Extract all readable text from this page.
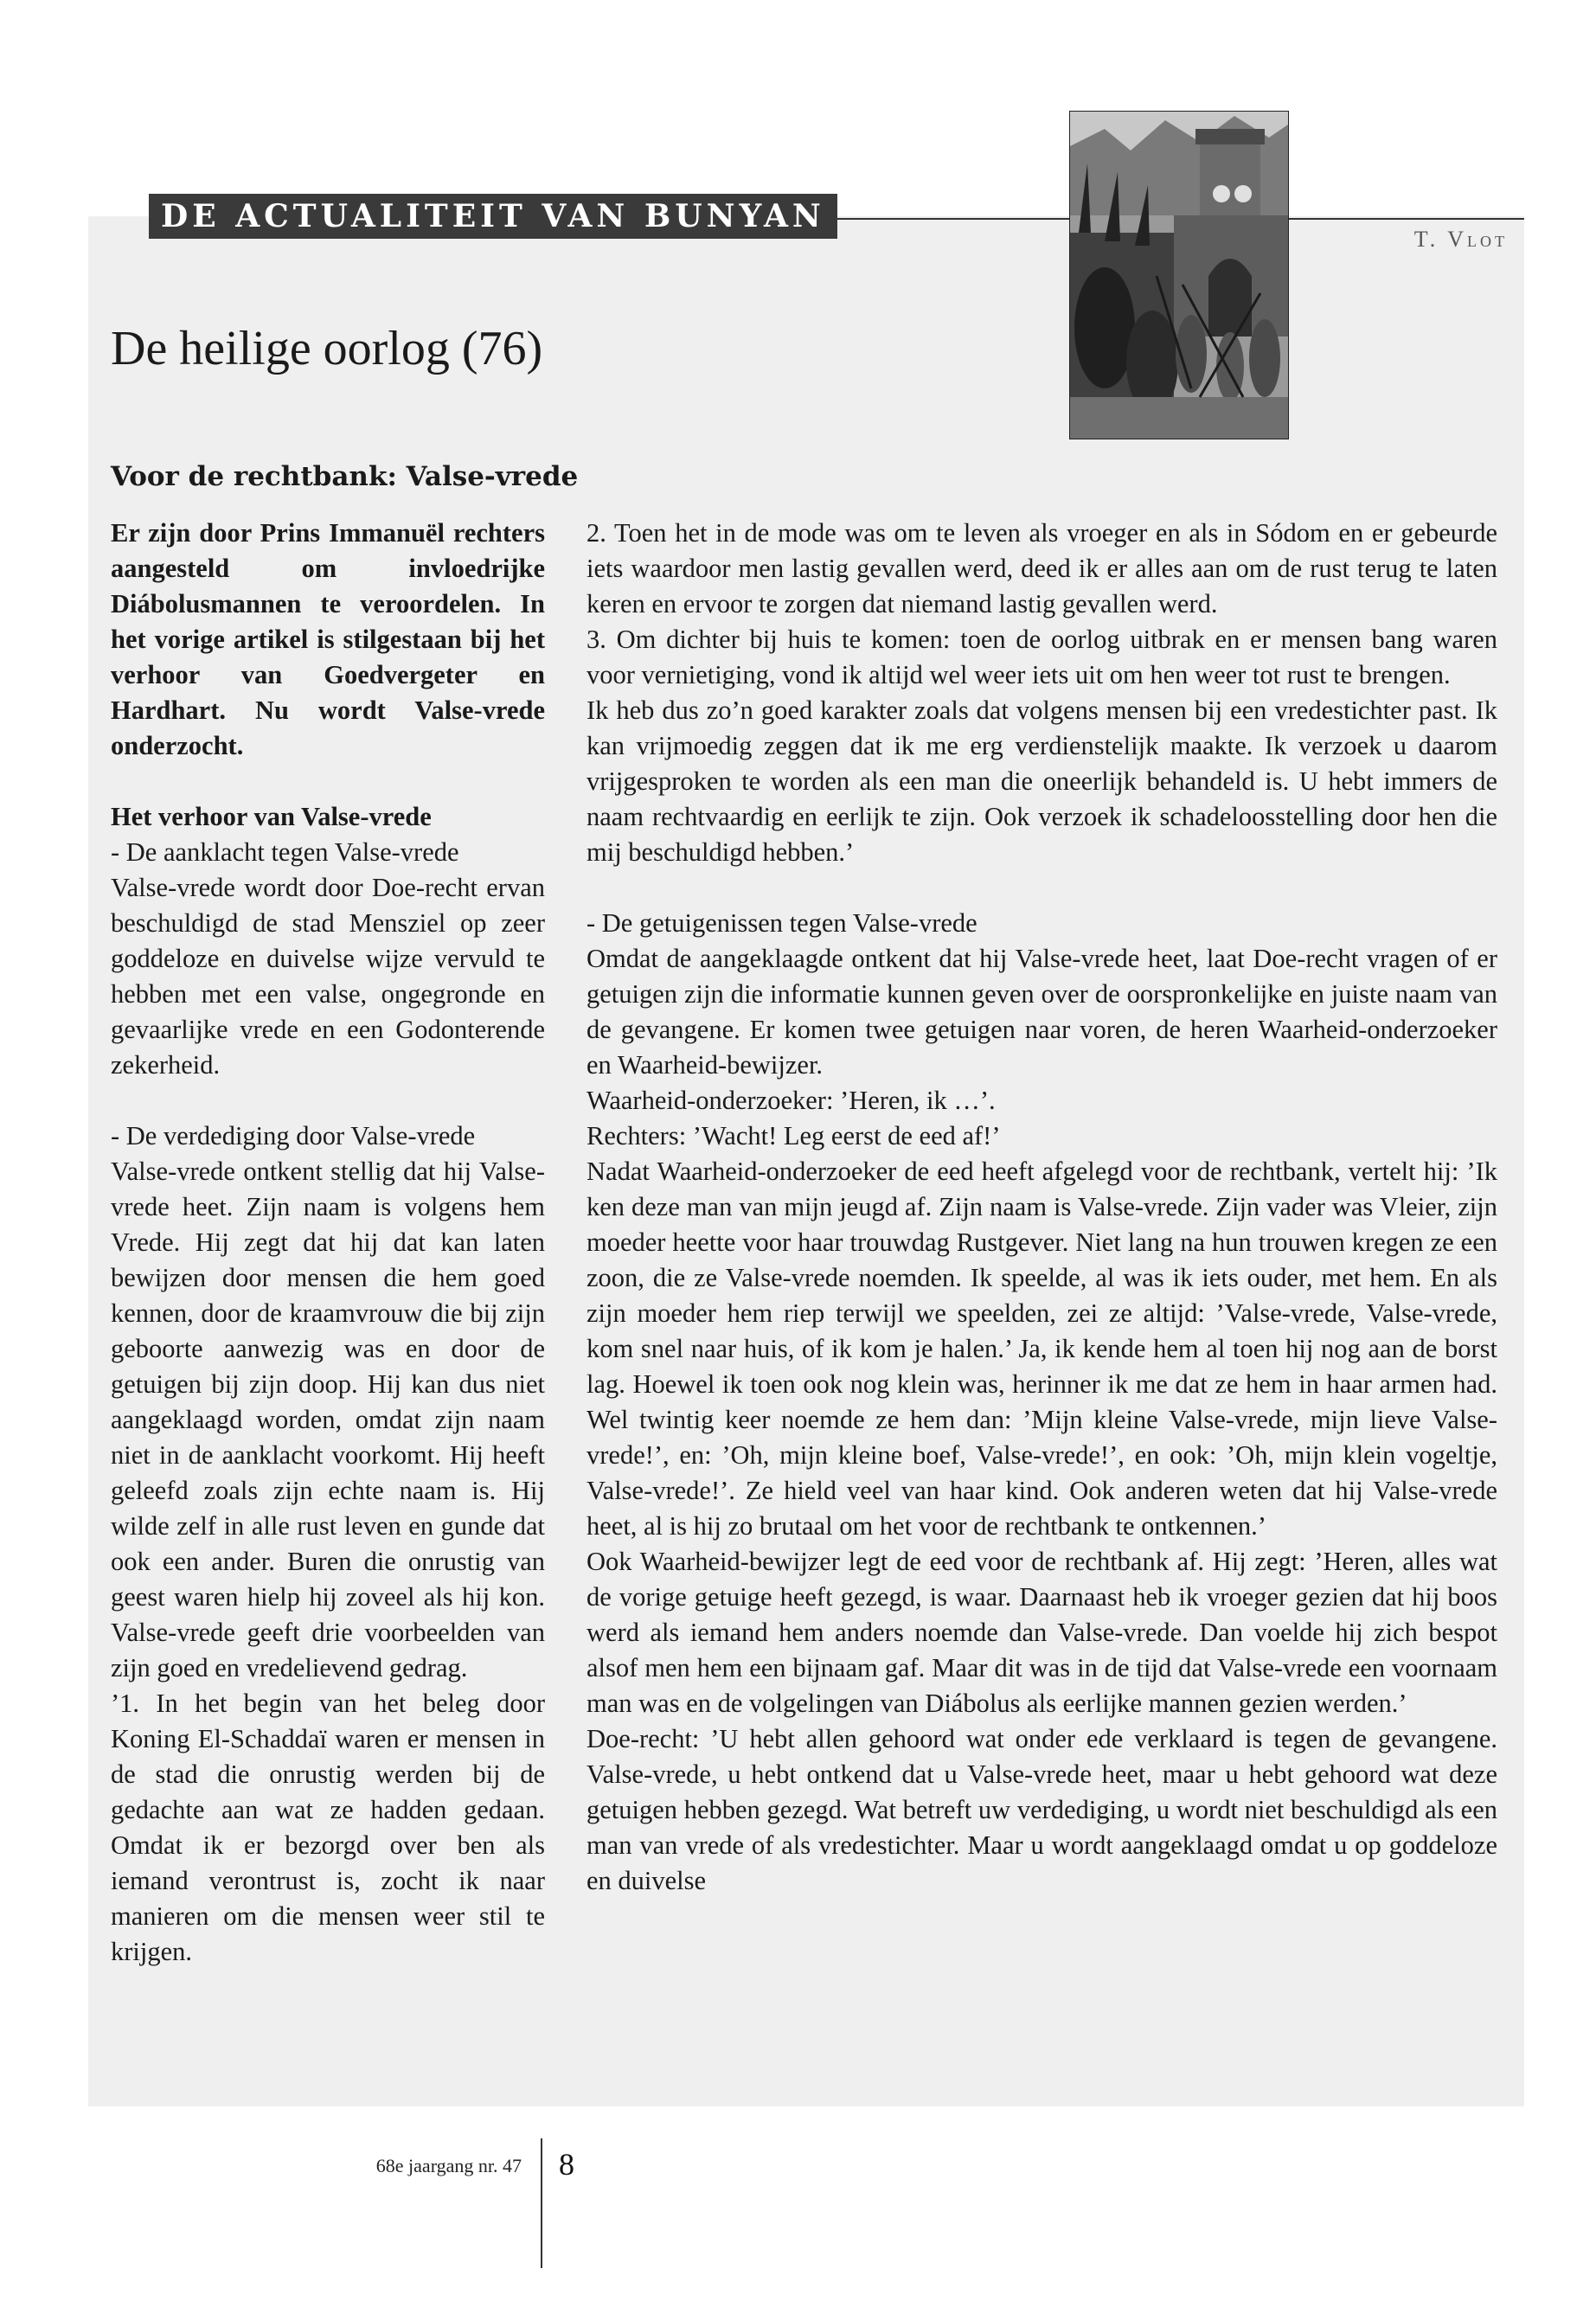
DE ACTUALITEIT VAN BUNYAN
T. Vlot
De heilige oorlog (76)
Voor de rechtbank: Valse-vrede
Er zijn door Prins Immanuël rechters aangesteld om invloedrijke Diábolusmannen te veroordelen. In het vorige artikel is stilgestaan bij het verhoor van Goedvergeter en Hardhart. Nu wordt Valse-vrede onderzocht.
Het verhoor van Valse-vrede
- De aanklacht tegen Valse-vrede
Valse-vrede wordt door Doe-recht ervan beschuldigd de stad Mensziel op zeer goddeloze en duivelse wijze vervuld te hebben met een valse, ongegronde en gevaarlijke vrede en een Godonterende zekerheid.
- De verdediging door Valse-vrede
Valse-vrede ontkent stellig dat hij Valse-vrede heet. Zijn naam is volgens hem Vrede. Hij zegt dat hij dat kan laten bewijzen door mensen die hem goed kennen, door de kraamvrouw die bij zijn geboorte aanwezig was en door de getuigen bij zijn doop. Hij kan dus niet aangeklaagd worden, omdat zijn naam niet in de aanklacht voorkomt. Hij heeft geleefd zoals zijn echte naam is. Hij wilde zelf in alle rust leven en gunde dat ook een ander. Buren die onrustig van geest waren hielp hij zoveel als hij kon. Valse-vrede geeft drie voorbeelden van zijn goed en vredelievend gedrag.
’1. In het begin van het beleg door Koning El-Schaddaï waren er mensen in de stad die onrustig werden bij de gedachte aan wat ze hadden gedaan. Omdat ik er bezorgd over ben als iemand verontrust is, zocht ik naar manieren om die mensen weer stil te krijgen.
2. Toen het in de mode was om te leven als vroeger en als in Sódom en er gebeurde iets waardoor men lastig gevallen werd, deed ik er alles aan om de rust terug te laten keren en ervoor te zorgen dat niemand lastig gevallen werd.
3. Om dichter bij huis te komen: toen de oorlog uitbrak en er mensen bang waren voor vernietiging, vond ik altijd wel weer iets uit om hen weer tot rust te brengen.
Ik heb dus zo’n goed karakter zoals dat volgens mensen bij een vredestichter past. Ik kan vrijmoedig zeggen dat ik me erg verdienstelijk maakte. Ik verzoek u daarom vrijgesproken te worden als een man die oneerlijk behandeld is. U hebt immers de naam rechtvaardig en eerlijk te zijn. Ook verzoek ik schadeloosstelling door hen die mij beschuldigd hebben.’
- De getuigenissen tegen Valse-vrede
Omdat de aangeklaagde ontkent dat hij Valse-vrede heet, laat Doe-recht vragen of er getuigen zijn die informatie kunnen geven over de oorspronkelijke en juiste naam van de gevangene. Er komen twee getuigen naar voren, de heren Waarheid-onderzoeker en Waarheid-bewijzer.
Waarheid-onderzoeker: ’Heren, ik …’.
Rechters: ’Wacht! Leg eerst de eed af!’
Nadat Waarheid-onderzoeker de eed heeft afgelegd voor de rechtbank, vertelt hij: ’Ik ken deze man van mijn jeugd af. Zijn naam is Valse-vrede. Zijn vader was Vleier, zijn moeder heette voor haar trouwdag Rustgever. Niet lang na hun trouwen kregen ze een zoon, die ze Valse-vrede noemden. Ik speelde, al was ik iets ouder, met hem. En als zijn moeder hem riep terwijl we speelden, zei ze altijd: ’Valse-vrede, Valse-vrede, kom snel naar huis, of ik kom je halen.’ Ja, ik kende hem al toen hij nog aan de borst lag. Hoewel ik toen ook nog klein was, herinner ik me dat ze hem in haar armen had. Wel twintig keer noemde ze hem dan: ’Mijn kleine Valse-vrede, mijn lieve Valse-vrede!’, en: ’Oh, mijn kleine boef, Valse-vrede!’, en ook: ’Oh, mijn klein vogeltje, Valse-vrede!’. Ze hield veel van haar kind. Ook anderen weten dat hij Valse-vrede heet, al is hij zo brutaal om het voor de rechtbank te ontkennen.’
Ook Waarheid-bewijzer legt de eed voor de rechtbank af. Hij zegt: ’Heren, alles wat de vorige getuige heeft gezegd, is waar. Daarnaast heb ik vroeger gezien dat hij boos werd als iemand hem anders noemde dan Valse-vrede. Dan voelde hij zich bespot alsof men hem een bijnaam gaf. Maar dit was in de tijd dat Valse-vrede een voornaam man was en de volgelingen van Diábolus als eerlijke mannen gezien werden.’
Doe-recht: ’U hebt allen gehoord wat onder ede verklaard is tegen de gevangene. Valse-vrede, u hebt ontkend dat u Valse-vrede heet, maar u hebt gehoord wat deze getuigen hebben gezegd. Wat betreft uw verdediging, u wordt niet beschuldigd als een man van vrede of als vredestichter. Maar u wordt aangeklaagd omdat u op goddeloze en duivelse
68e jaargang nr. 47 8
